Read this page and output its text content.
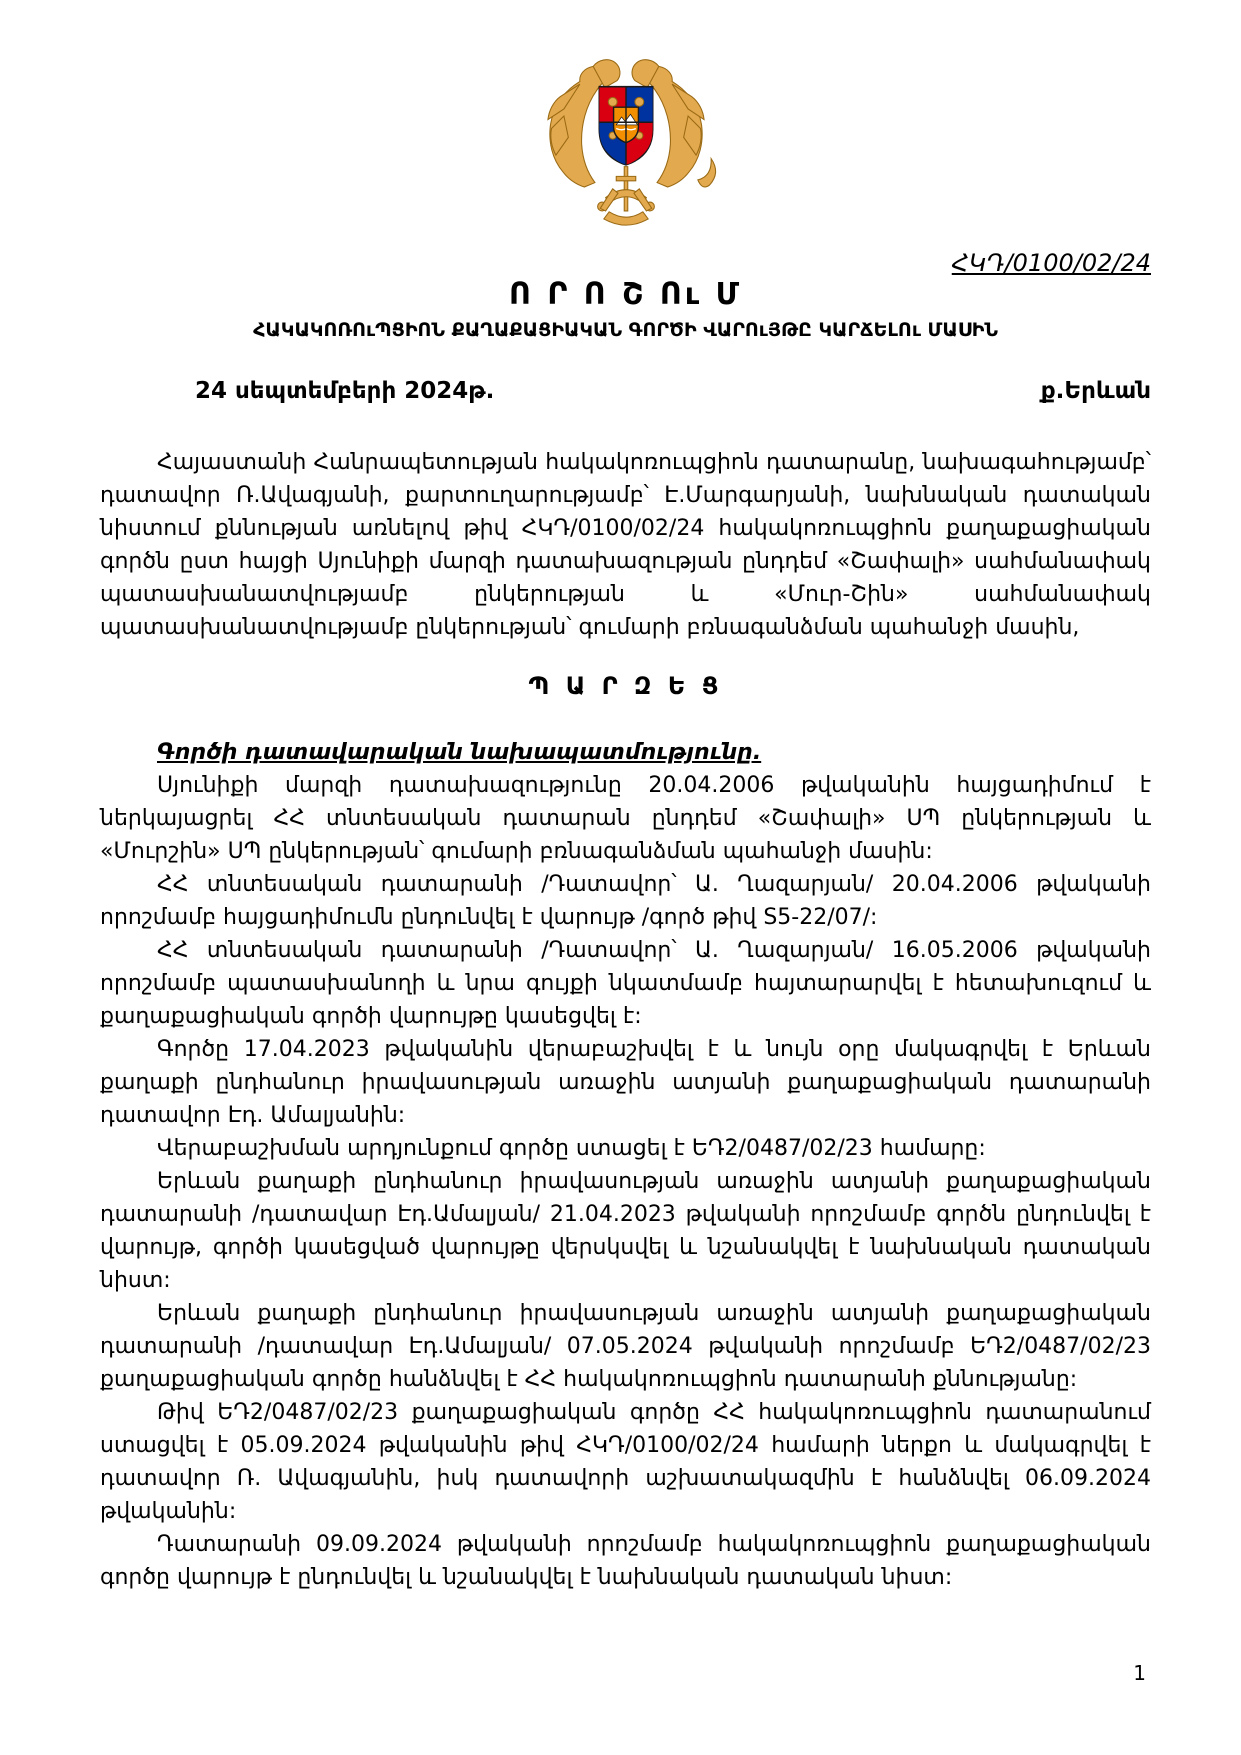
ՀԿԴ/0100/02/24
Ո Ր Ո Շ Ու Մ
ՀԱԿԱԿՈՌՈւՊՑԻՈՆ ՔԱՂԱՔԱՑԻԱԿԱՆ ԳՈՐԾԻ ՎԱՐՈւՅԹԸ ԿԱՐՃԵԼՈւ ՄԱՍԻՆ
24 սեպտեմբերի 2024թ.	ք.Երևան
Հայաստանի Հանրապետության հակակոռուպցիոն դատարանը, նախագահությամբ՝ դատավոր Ռ.Ավագյանի, քարտուղարությամբ՝ Է.Մարգարյանի, նախնական դատական նիստում քննության առնելով թիվ ՀԿԴ/0100/02/24 հակակոռուպցիոն քաղաքացիական գործն ըստ հայցի Սյունիքի մարզի դատախազության ընդդեմ «Շափալի» սահմանափակ պատասխանատվությամբ ընկերության և «Մուր-Շին» սահմանափակ պատասխանատվությամբ ընկերության՝ գումարի բռնագանձման պահանջի մասին,
Պ Ա Ր Զ Ե Ց
Գործի դատավարական նախապատմությունը.

Սյունիքի մարզի դատախազությունը 20.04.2006 թվականին հայցադիմում է ներկայացրել ՀՀ տնտեսական դատարան ընդդեմ «Շափալի» ՍՊ ընկերության և «Մուրշին» ՍՊ ընկերության՝ գումարի բռնագանձման պահանջի մասին:

ՀՀ տնտեսական դատարանի /Դատավոր՝ Ա. Ղազարյան/ 20.04.2006 թվականի որոշմամբ հայցադիմումն ընդունվել է վարույթ /գործ թիվ S5-22/07/:

ՀՀ տնտեսական դատարանի /Դատավոր՝ Ա. Ղազարյան/ 16.05.2006 թվականի որոշմամբ պատասխանողի և նրա գույքի նկատմամբ հայտարարվել է հետախուզում և քաղաքացիական գործի վարույթը կասեցվել է:

Գործը 17.04.2023 թվականին վերաբաշխվել է և նույն օրը մակագրվել է Երևան քաղաքի ընդհանուր իրավասության առաջին ատյանի քաղաքացիական դատարանի դատավոր Էդ. Ամալյանին:

Վերաբաշխման արդյունքում գործը ստացել է ԵԴ2/0487/02/23 համարը:

Երևան քաղաքի ընդհանուր իրավասության առաջին ատյանի քաղաքացիական դատարանի /դատավար Էդ.Ամալյան/ 21.04.2023 թվականի որոշմամբ գործն ընդունվել է վարույթ, գործի կասեցված վարույթը վերսկսվել և նշանակվել է նախնական դատական նիստ:

Երևան քաղաքի ընդհանուր իրավասության առաջին ատյանի քաղաքացիական դատարանի /դատավար Էդ.Ամալյան/ 07.05.2024 թվականի որոշմամբ ԵԴ2/0487/02/23 քաղաքացիական գործը հանձնվել է ՀՀ հակակոռուպցիոն դատարանի քննությանը:

Թիվ ԵԴ2/0487/02/23 քաղաքացիական գործը ՀՀ հակակոռուպցիոն դատարանում ստացվել է 05.09.2024 թվականին թիվ ՀԿԴ/0100/02/24 համարի ներքո և մակագրվել է դատավոր Ռ. Ավագյանին, իսկ դատավորի աշխատակազմին է հանձնվել 06.09.2024 թվականին:

Դատարանի 09.09.2024 թվականի որոշմամբ հակակոռուպցիոն քաղաքացիական գործը վարույթ է ընդունվել և նշանակվել է նախնական դատական նիստ:

1
